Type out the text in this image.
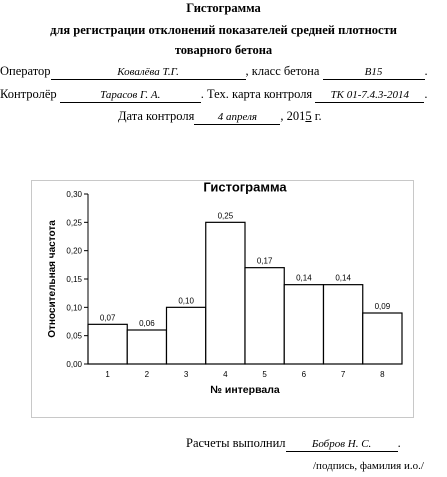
Гистограмма
для регистрации отклонений показателей средней плотности
товарного бетона
Оператор	Ковалёва Т.Г.	, класс бетона	B15	.
Контролёр	Тарасов Г. А.	. Тех. карта контроля ТК 01-7.4.3-2014 .
Дата контроля 4 апреля , 2015 г.
Гистограмма
0,00
0,05
0,10
0,15
0,20
0,25
0,30
0,07
1
0,06
2
0,10
3
0,25
4
0,17
5
0,14
6
0,14
7
0,09
8
№ интервала
Относительная частота
Расчеты выполнил Бобров Н. С. .
/подпись, фамилия и.о./
